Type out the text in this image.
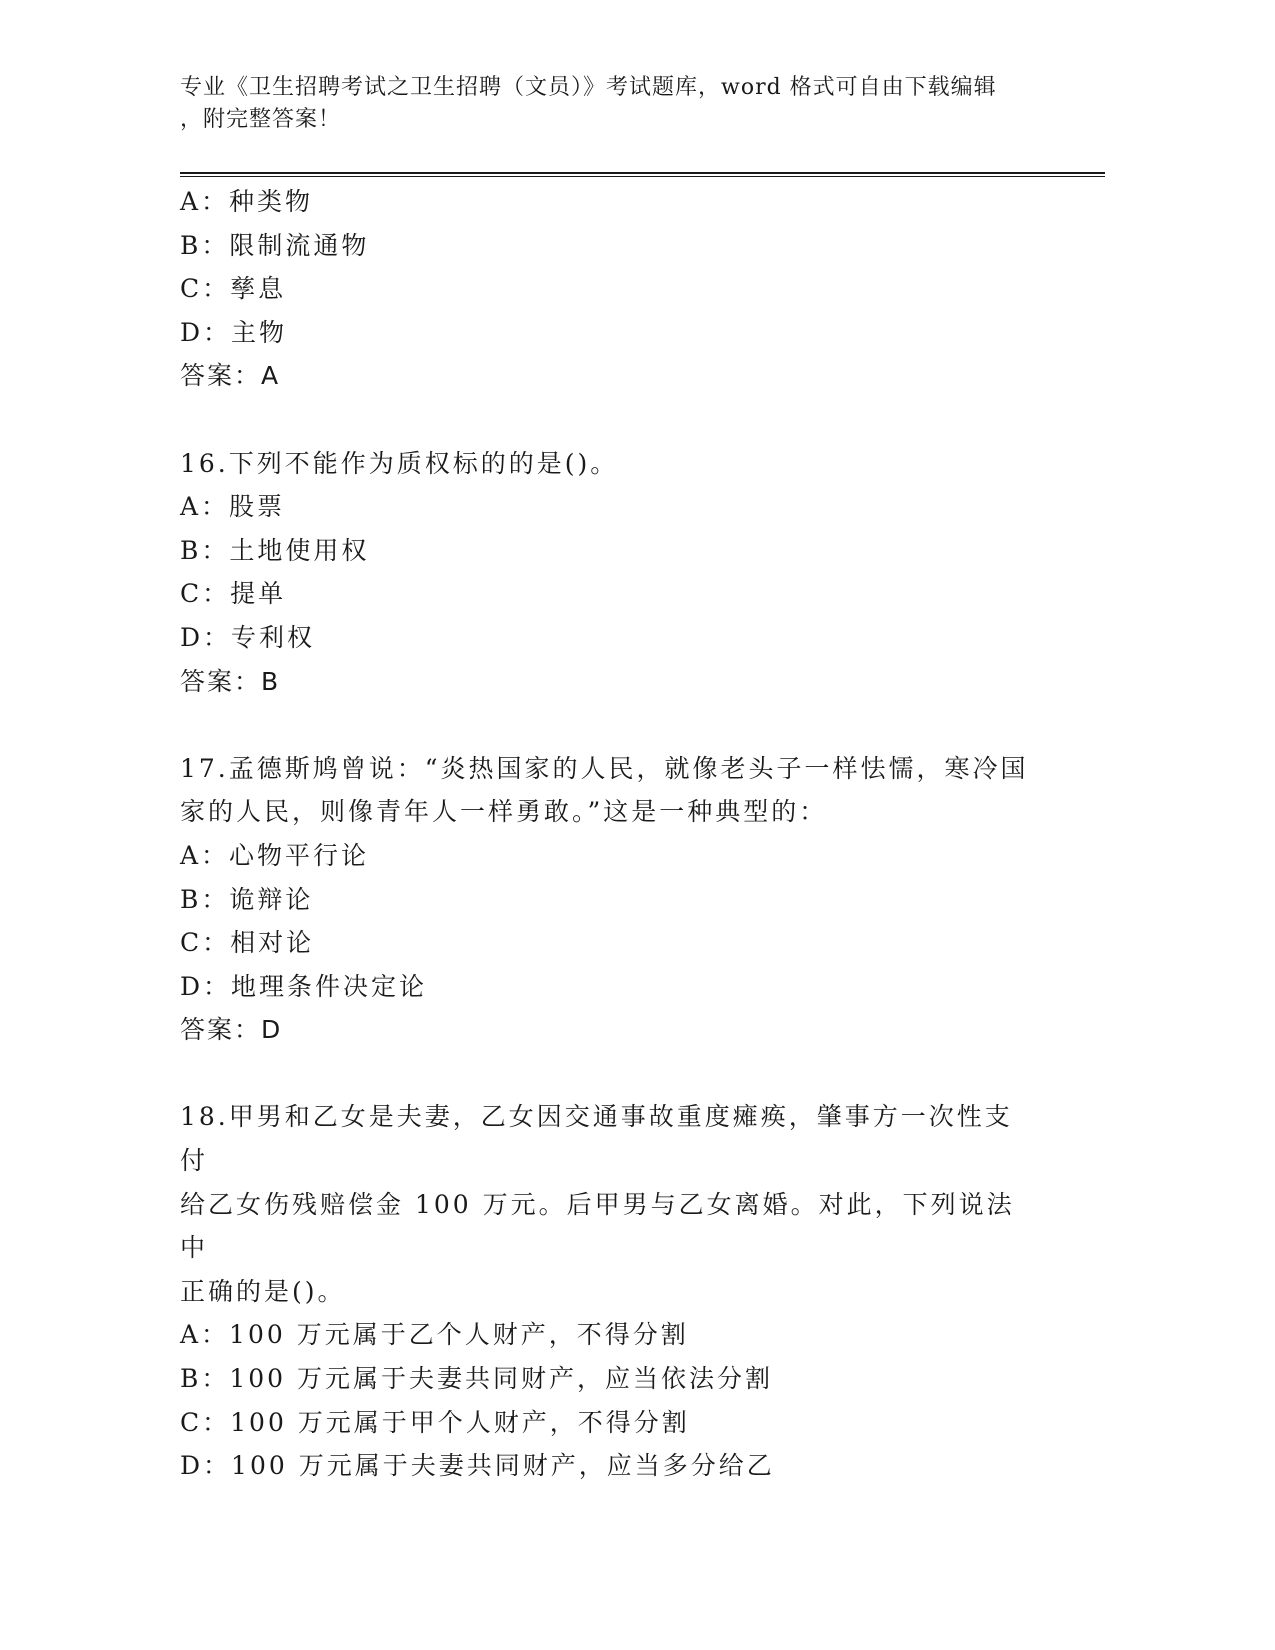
专业《卫生招聘考试之卫生招聘（文员）》考试题库，word 格式可自由下载编辑
，附完整答案！
A：种类物
B：限制流通物
C：孳息
D：主物
答案：A
16.下列不能作为质权标的的是()。
A：股票
B：土地使用权
C：提单
D：专利权
答案：B
17.孟德斯鸠曾说：“炎热国家的人民，就像老头子一样怯懦，寒冷国
家的人民，则像青年人一样勇敢。”这是一种典型的：
A：心物平行论
B：诡辩论
C：相对论
D：地理条件决定论
答案：D
18.甲男和乙女是夫妻，乙女因交通事故重度瘫痪，肇事方一次性支付
给乙女伤残赔偿金 100 万元。后甲男与乙女离婚。对此，下列说法中
正确的是()。
A：100 万元属于乙个人财产，不得分割
B：100 万元属于夫妻共同财产，应当依法分割
C：100 万元属于甲个人财产，不得分割
D：100 万元属于夫妻共同财产，应当多分给乙
